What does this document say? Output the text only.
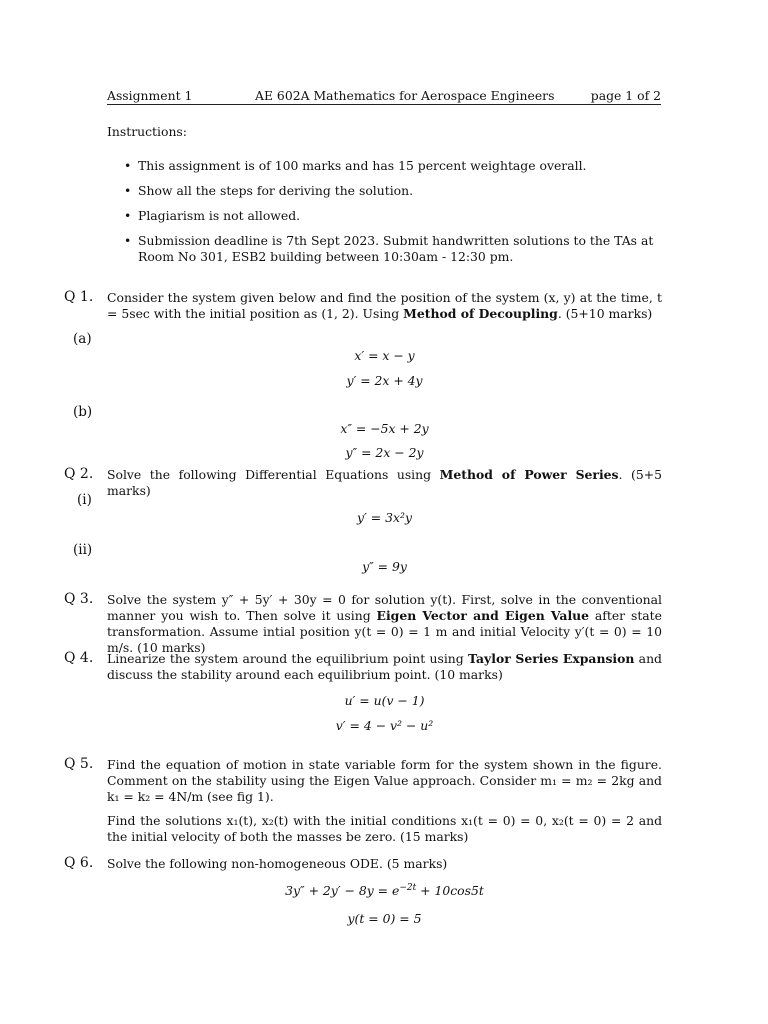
Assignment 1	AE 602A Mathematics for Aerospace Engineers	page 1 of 2
Instructions:
• This assignment is of 100 marks and has 15 percent weightage overall.
• Show all the steps for deriving the solution.
• Plagiarism is not allowed.
• Submission deadline is 7th Sept 2023. Submit handwritten solutions to the TAs at Room No 301, ESB2 building between 10:30am - 12:30 pm.
Q 1. Consider the system given below and find the position of the system (x, y) at the time, t = 5sec with the initial position as (1, 2). Using Method of Decoupling. (5+10 marks)
(a)
x′ = x − y
y′ = 2x + 4y
(b)
x″ = −5x + 2y
y″ = 2x − 2y
Q 2. Solve the following Differential Equations using Method of Power Series. (5+5 marks)
(i)
y′ = 3x²y
(ii)
y″ = 9y
Q 3. Solve the system y″ + 5y′ + 30y = 0 for solution y(t). First, solve in the conventional manner you wish to. Then solve it using Eigen Vector and Eigen Value after state transformation. Assume intial position y(t = 0) = 1 m and initial Velocity y′(t = 0) = 10 m/s. (10 marks)
Q 4. Linearize the system around the equilibrium point using Taylor Series Expansion and discuss the stability around each equilibrium point. (10 marks)
u′ = u(v − 1)
v′ = 4 − v² − u²
Q 5. Find the equation of motion in state variable form for the system shown in the figure. Comment on the stability using the Eigen Value approach. Consider m₁ = m₂ = 2kg and k₁ = k₂ = 4N/m (see fig 1).
Find the solutions x₁(t), x₂(t) with the initial conditions x₁(t = 0) = 0, x₂(t = 0) = 2 and the initial velocity of both the masses be zero. (15 marks)
Q 6. Solve the following non-homogeneous ODE. (5 marks)
$3y'' + 2y' - 8y = e^{-2t} + 10\cos 5t$
y(t = 0) = 5
